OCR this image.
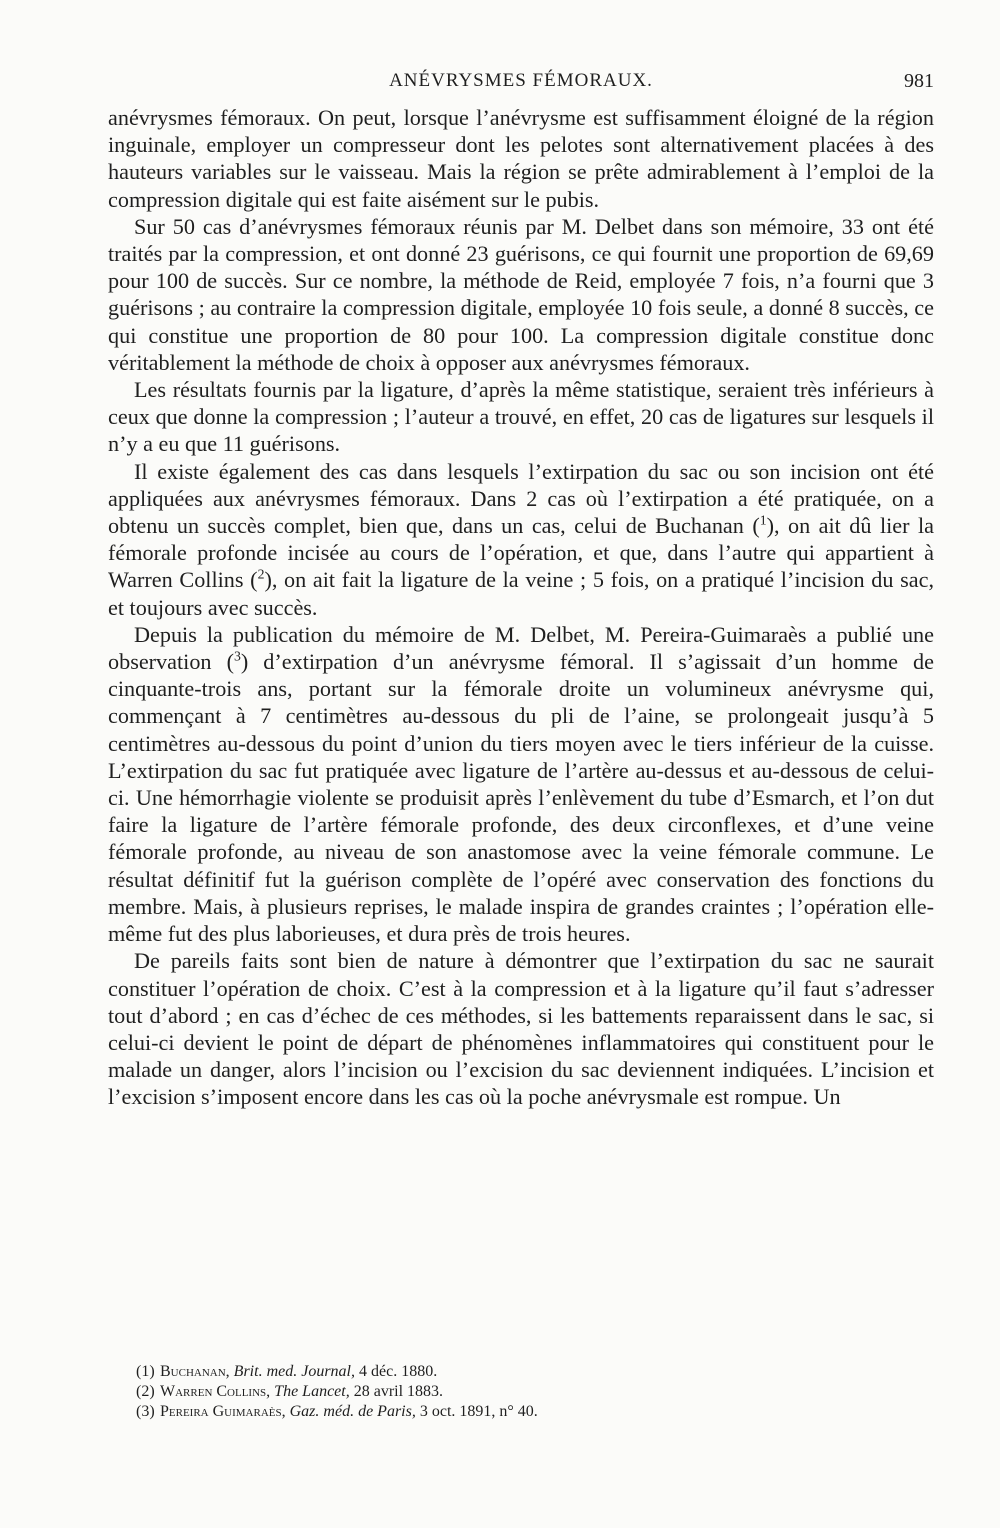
ANÉVRYSMES FÉMORAUX.	981

anévrysmes fémoraux. On peut, lorsque l’anévrysme est suffisamment éloigné de la région inguinale, employer un compresseur dont les pelotes sont alternativement placées à des hauteurs variables sur le vaisseau. Mais la région se prête admirablement à l’emploi de la compression digitale qui est faite aisément sur le pubis.

Sur 50 cas d’anévrysmes fémoraux réunis par M. Delbet dans son mémoire, 33 ont été traités par la compression, et ont donné 23 guérisons, ce qui fournit une proportion de 69,69 pour 100 de succès. Sur ce nombre, la méthode de Reid, employée 7 fois, n’a fourni que 3 guérisons ; au contraire la compression digitale, employée 10 fois seule, a donné 8 succès, ce qui constitue une proportion de 80 pour 100. La compression digitale constitue donc véritablement la méthode de choix à opposer aux anévrysmes fémoraux.

Les résultats fournis par la ligature, d’après la même statistique, seraient très inférieurs à ceux que donne la compression ; l’auteur a trouvé, en effet, 20 cas de ligatures sur lesquels il n’y a eu que 11 guérisons.

Il existe également des cas dans lesquels l’extirpation du sac ou son incision ont été appliquées aux anévrysmes fémoraux. Dans 2 cas où l’extirpation a été pratiquée, on a obtenu un succès complet, bien que, dans un cas, celui de Buchanan ($^1$), on ait dû lier la fémorale profonde incisée au cours de l’opération, et que, dans l’autre qui appartient à Warren Collins ($^2$), on ait fait la ligature de la veine ; 5 fois, on a pratiqué l’incision du sac, et toujours avec succès.

Depuis la publication du mémoire de M. Delbet, M. Pereira-Guimaraès a publié une observation ($^3$) d’extirpation d’un anévrysme fémoral. Il s’agissait d’un homme de cinquante-trois ans, portant sur la fémorale droite un volumineux anévrysme qui, commençant à 7 centimètres au-dessous du pli de l’aine, se prolongeait jusqu’à 5 centimètres au-dessous du point d’union du tiers moyen avec le tiers inférieur de la cuisse. L’extirpation du sac fut pratiquée avec ligature de l’artère au-dessus et au-dessous de celui-ci. Une hémorrhagie violente se produisit après l’enlèvement du tube d’Esmarch, et l’on dut faire la ligature de l’artère fémorale profonde, des deux circonflexes, et d’une veine fémorale profonde, au niveau de son anastomose avec la veine fémorale commune. Le résultat définitif fut la guérison complète de l’opéré avec conservation des fonctions du membre. Mais, à plusieurs reprises, le malade inspira de grandes craintes ; l’opération elle-même fut des plus laborieuses, et dura près de trois heures.

De pareils faits sont bien de nature à démontrer que l’extirpation du sac ne saurait constituer l’opération de choix. C’est à la compression et à la ligature qu’il faut s’adresser tout d’abord ; en cas d’échec de ces méthodes, si les battements reparaissent dans le sac, si celui-ci devient le point de départ de phénomènes inflammatoires qui constituent pour le malade un danger, alors l’incision ou l’excision du sac deviennent indiquées. L’incision et l’excision s’imposent encore dans les cas où la poche anévrysmale est rompue. Un

(1) Buchanan, Brit. med. Journal, 4 déc. 1880.
(2) Warren Collins, The Lancet, 28 avril 1883.
(3) Pereira Guimaraès, Gaz. méd. de Paris, 3 oct. 1891, n° 40.
